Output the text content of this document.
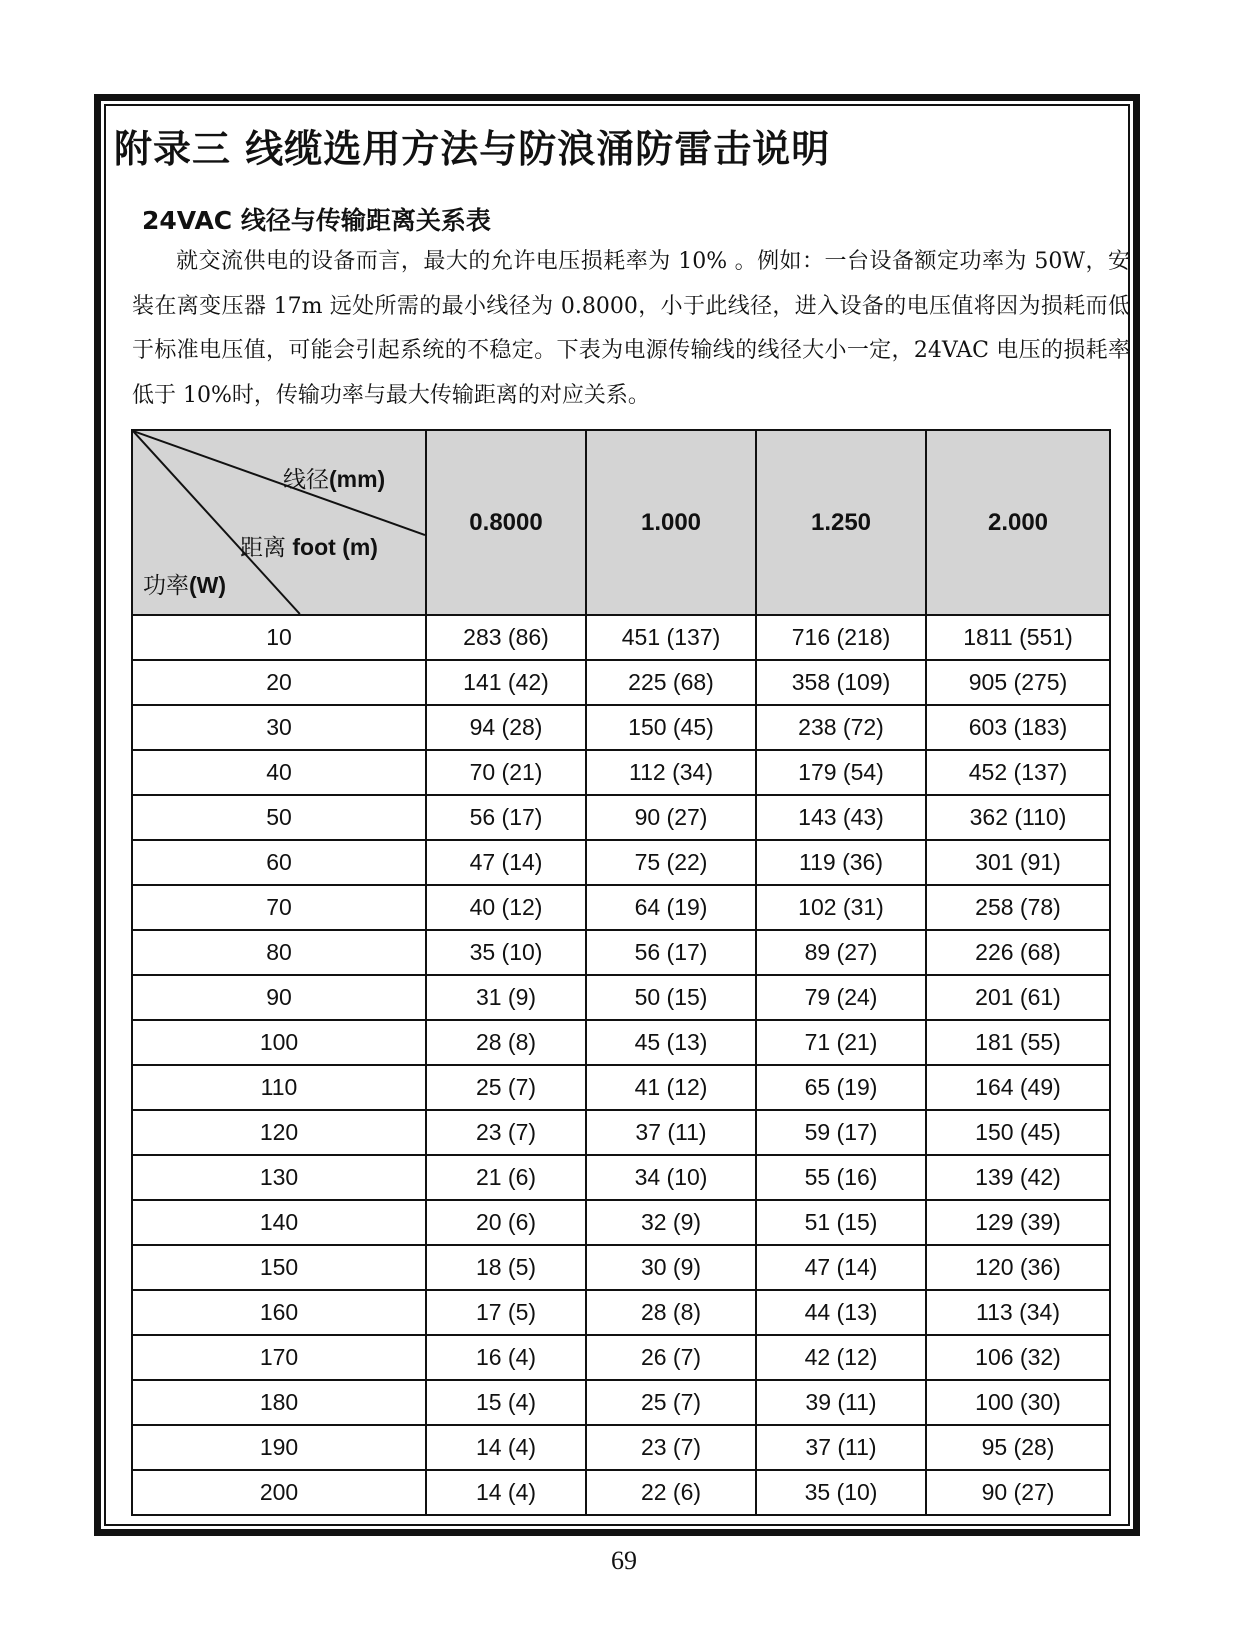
附录三 线缆选用方法与防浪涌防雷击说明
24VAC 线径与传输距离关系表

就交流供电的设备而言，最大的允许电压损耗率为 10% 。例如：一台设备额定功率为 50W，安装在离变压器 17m 远处所需的最小线径为 0.8000，小于此线径，进入设备的电压值将因为损耗而低于标准电压值，可能会引起系统的不稳定。下表为电源传输线的线径大小一定，24VAC 电压的损耗率低于 10%时，传输功率与最大传输距离的对应关系。

线径(mm)
距离 foot (m)
功率(W)	0.8000	1.000	1.250	2.000
10	283 (86)	451 (137)	716 (218)	1811 (551)
20	141 (42)	225 (68)	358 (109)	905 (275)
30	94 (28)	150 (45)	238 (72)	603 (183)
40	70 (21)	112 (34)	179 (54)	452 (137)
50	56 (17)	90 (27)	143 (43)	362 (110)
60	47 (14)	75 (22)	119 (36)	301 (91)
70	40 (12)	64 (19)	102 (31)	258 (78)
80	35 (10)	56 (17)	89 (27)	226 (68)
90	31 (9)	50 (15)	79 (24)	201 (61)
100	28 (8)	45 (13)	71 (21)	181 (55)
110	25 (7)	41 (12)	65 (19)	164 (49)
120	23 (7)	37 (11)	59 (17)	150 (45)
130	21 (6)	34 (10)	55 (16)	139 (42)
140	20 (6)	32 (9)	51 (15)	129 (39)
150	18 (5)	30 (9)	47 (14)	120 (36)
160	17 (5)	28 (8)	44 (13)	113 (34)
170	16 (4)	26 (7)	42 (12)	106 (32)
180	15 (4)	25 (7)	39 (11)	100 (30)
190	14 (4)	23 (7)	37 (11)	95 (28)
200	14 (4)	22 (6)	35 (10)	90 (27)

69
